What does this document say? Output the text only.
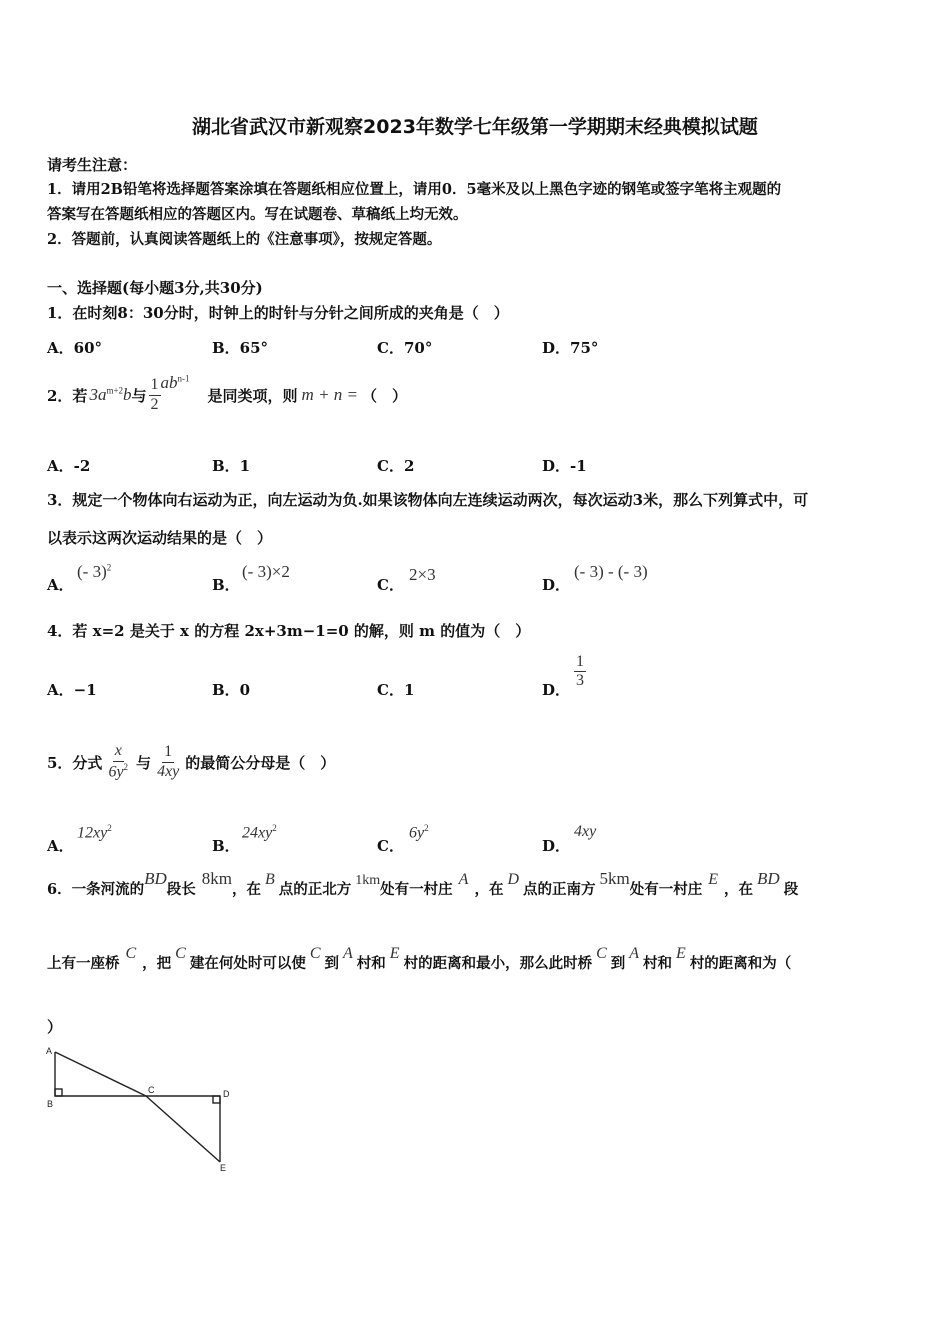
湖北省武汉市新观察2023年数学七年级第一学期期末经典模拟试题
请考生注意：
1．请用2B铅笔将选择题答案涂填在答题纸相应位置上，请用0．5毫米及以上黑色字迹的钢笔或签字笔将主观题的
答案写在答题纸相应的答题区内。写在试题卷、草稿纸上均无效。
2．答题前，认真阅读答题纸上的《注意事项》，按规定答题。
一、选择题(每小题3分,共30分)
1．在时刻8：30分时，时钟上的时针与分针之间所成的夹角是（　）
A．60°	B．65°	C．70°	D．75°
2．若 $3a^{m+2}b$ 与 $\frac{1}{2} ab^{n-1}$
是同类项，则 m + n = （　）
A．-2	B．1	C．2	D．-1
3．规定一个物体向右运动为正，向左运动为负.如果该物体向左连续运动两次，每次运动3米，那么下列算式中，可
以表示这两次运动结果的是（　）
A．
(- 3)$^2$
B．
(- 3)×2
C．
2×3
D．
(- 3) - (- 3)
4．若 x=2 是关于 x 的方程 2x+3m−1=0 的解，则 m 的值为（　）
A．−1	B．0	C．1	D． $\frac{1}{3}$
5．分式 $\frac{x}{6y^2}$ 与 $\frac{1}{4xy}$ 的最简公分母是（　）
A．
$12xy^2$
B．
$24xy^2$
C．
$6y^2$
D．
4xy
6．一条河流的
BD
段长
8km
，在
B
点的正北方
1km
处有一村庄
A
，在
D
点的正南方
5km
处有一村庄
E
，在
BD
段
上有一座桥
C
，把
C
建在何处时可以使
C
到
A
村和
E
村的距离和最小，那么此时桥
C
到
A
村和
E
村的距离和为（
）
A
B
C	D
E
